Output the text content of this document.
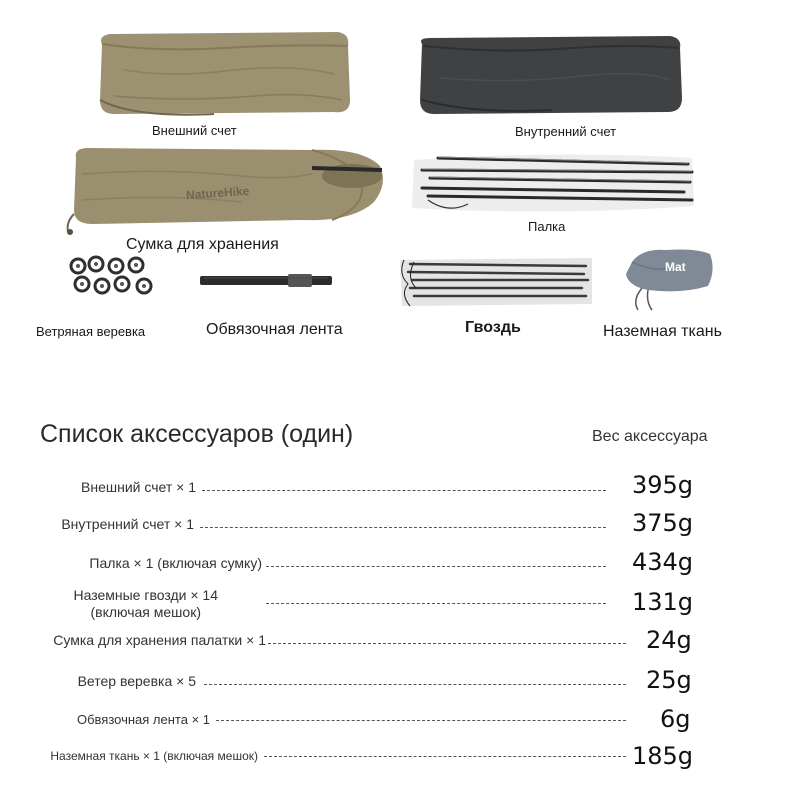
Внешний счет	Внутренний счет
NatureHike
Сумка для хранения
Палка
Ветряная веревка	Обвязочная лента	Гвоздь
Mat
Наземная ткань
Список аксессуаров (один)	Вес аксессуара
Внешний счет × 1	395g
Внутренний счет × 1	375g
Палка × 1 (включая сумку)	434g
Наземные гвозди × 14
(включая мешок)	131g
Сумка для хранения палатки × 1	24g
Ветер веревка × 5	25g
Обвязочная лента × 1	6g
Наземная ткань × 1 (включая мешок)	185g
